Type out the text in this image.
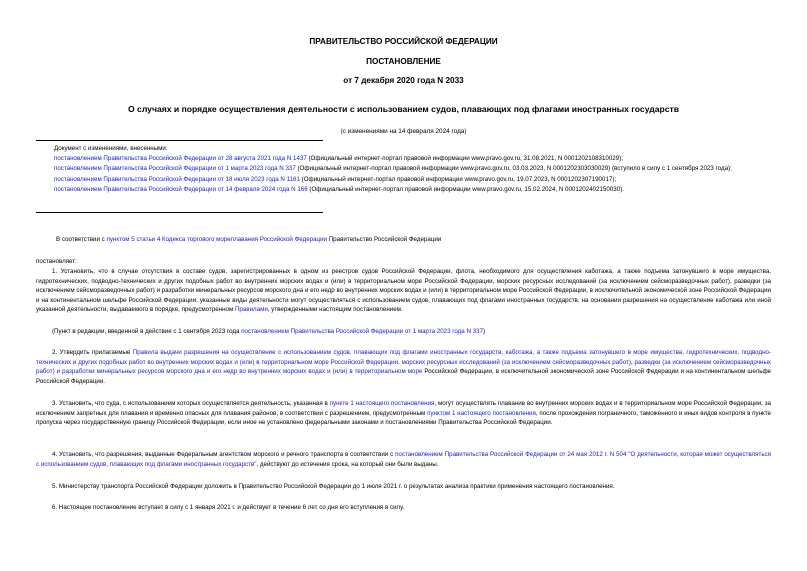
ПРАВИТЕЛЬСТВО РОССИЙСКОЙ ФЕДЕРАЦИИ
ПОСТАНОВЛЕНИЕ
от 7 декабря 2020 года N 2033
О случаях и порядке осуществления деятельности с использованием судов, плавающих под флагами иностранных государств
(с изменениями на 14 февраля 2024 года)
Документ с изменениями, внесенными:
постановлением Правительства Российской Федерации от 28 августа 2021 года N 1437 (Официальный интернет-портал правовой информации www.pravo.gov.ru, 31.08.2021, N 0001202108310029);
постановлением Правительства Российской Федерации от 1 марта 2023 года N 337 (Официальный интернет-портал правовой информации www.pravo.gov.ru, 03.03.2023, N 0001202303030029) (вступило в силу с 1 сентября 2023 года);
постановлением Правительства Российской Федерации от 18 июля 2023 года N 1161 (Официальный интернет-портал правовой информации www.pravo.gov.ru, 19.07.2023, N 0001202307190017);
постановлением Правительства Российской Федерации от 14 февраля 2024 года N 166 (Официальный интернет-портал правовой информации www.pravo.gov.ru, 15.02.2024, N 0001202402150030).
В соответствии с пунктом 5 статьи 4 Кодекса торгового мореплавания Российской Федерации Правительство Российской Федерации
постановляет:
1. Установить, что в случае отсутствия в составе судов, зарегистрированных в одном из реестров судов Российской Федерации, флота, необходимого для осуществления каботажа, а также подъема затонувшего в море имущества, гидротехнических, подводно-технических и других подобных работ во внутренних морских водах и (или) в территориальном море Российской Федерации, морских ресурсных исследований (за исключением сейсморазведочных работ), разведки (за исключением сейсморазведочных работ) и разработки минеральных ресурсов морского дна и его недр во внутренних морских водах и (или) в территориальном море Российской Федерации, в исключительной экономической зоне Российской Федерации и на континентальном шельфе Российской Федерации, указанные виды деятельности могут осуществляться с использованием судов, плавающих под флагами иностранных государств, на основании разрешения на осуществление каботажа или иной указанной деятельности, выдаваемого в порядке, предусмотренном Правилами, утвержденными настоящим постановлением.
(Пункт в редакции, введенной в действие с 1 сентября 2023 года постановлением Правительства Российской Федерации от 1 марта 2023 года N 337)
2. Утвердить прилагаемые Правила выдачи разрешения на осуществление с использованием судов, плавающих под флагами иностранных государств, каботажа, а также подъема затонувшего в море имущества, гидротехнических, подводно-технических и других подобных работ во внутренних морских водах и (или) в территориальном море Российской Федерации, морских ресурсных исследований (за исключением сейсморазведочных работ), разведки (за исключением сейсморазведочных работ) и разработки минеральных ресурсов морского дна и его недр во внутренних морских водах и (или) в территориальном море Российской Федерации, в исключительной экономической зоне Российской Федерации и на континентальном шельфе Российской Федерации.
3. Установить, что суда, с использованием которых осуществляется деятельность, указанная в пункте 1 настоящего постановления, могут осуществлять плавание во внутренних морских водах и в территориальном море Российской Федерации, за исключением запретных для плавания и временно опасных для плавания районов, в соответствии с разрешением, предусмотренным пунктом 1 настоящего постановления, после прохождения пограничного, таможенного и иных видов контроля в пункте пропуска через государственную границу Российской Федерации, если иное не установлено федеральными законами и постановлениями Правительства Российской Федерации.
4. Установить, что разрешения, выданные Федеральным агентством морского и речного транспорта в соответствии с постановлением Правительства Российской Федерации от 24 мая 2012 г. N 504 "О деятельности, которая может осуществляться с использованием судов, плавающих под флагами иностранных государств", действуют до истечения срока, на который они были выданы.
5. Министерству транспорта Российской Федерации доложить в Правительство Российской Федерации до 1 июля 2021 г. о результатах анализа практики применения настоящего постановления.
6. Настоящее постановление вступает в силу с 1 января 2021 г. и действует в течение 6 лет со дня его вступления в силу.
